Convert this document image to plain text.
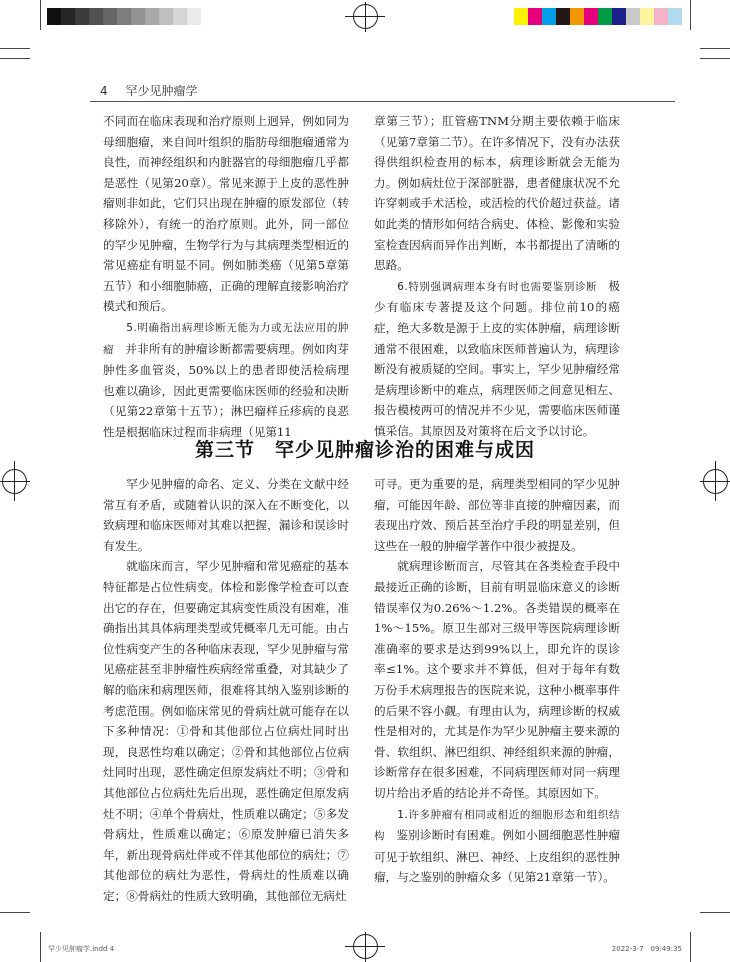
4 罕少见肿瘤学

不同而在临床表现和治疗原则上迥异，例如同为母细胞瘤，来自间叶组织的脂肪母细胞瘤通常为良性，而神经组织和内脏器官的母细胞瘤几乎都是恶性（见第20章）。常见来源于上皮的恶性肿瘤则非如此，它们只出现在肿瘤的原发部位（转移除外），有统一的治疗原则。此外，同一部位的罕少见肿瘤，生物学行为与其病理类型相近的常见癌症有明显不同。例如肺类癌（见第5章第五节）和小细胞肺癌，正确的理解直接影响治疗模式和预后。

5.明确指出病理诊断无能为力或无法应用的肿瘤　并非所有的肿瘤诊断都需要病理。例如肉芽肿性多血管炎，50%以上的患者即使活检病理也难以确诊，因此更需要临床医师的经验和决断（见第22章第十五节）；淋巴瘤样丘疹病的良恶性是根据临床过程而非病理（见第11

章第三节）；肛管癌TNM分期主要依赖于临床（见第7章第二节）。在许多情况下，没有办法获得供组织检查用的标本，病理诊断就会无能为力。例如病灶位于深部脏器，患者健康状况不允许穿刺或手术活检，或活检的代价超过获益。诸如此类的情形如何结合病史、体检、影像和实验室检查因病而异作出判断，本书都提出了清晰的思路。

6.特别强调病理本身有时也需要鉴别诊断　极少有临床专著提及这个问题。排位前10的癌症，绝大多数是源于上皮的实体肿瘤，病理诊断通常不很困难，以致临床医师普遍认为，病理诊断没有被质疑的空间。事实上，罕少见肿瘤经常是病理诊断中的难点，病理医师之间意见相左、报告模棱两可的情况并不少见，需要临床医师谨慎采信。其原因及对策将在后文予以讨论。

第三节　罕少见肿瘤诊治的困难与成因

罕少见肿瘤的命名、定义、分类在文献中经常互有矛盾，或随着认识的深入在不断变化，以致病理和临床医师对其难以把握，漏诊和误诊时有发生。

就临床而言，罕少见肿瘤和常见癌症的基本特征都是占位性病变。体检和影像学检查可以查出它的存在，但要确定其病变性质没有困难，准确指出其具体病理类型或凭概率几无可能。由占位性病变产生的各种临床表现，罕少见肿瘤与常见癌症甚至非肿瘤性疾病经常重叠，对其缺少了解的临床和病理医师，很难将其纳入鉴别诊断的考虑范围。例如临床常见的骨病灶就可能存在以下多种情况：①骨和其他部位占位病灶同时出现，良恶性均难以确定；②骨和其他部位占位病灶同时出现，恶性确定但原发病灶不明；③骨和其他部位占位病灶先后出现，恶性确定但原发病灶不明；④单个骨病灶，性质难以确定；⑤多发骨病灶，性质难以确定；⑥原发肿瘤已消失多年，新出现骨病灶伴或不伴其他部位的病灶；⑦其他部位的病灶为恶性，骨病灶的性质难以确定；⑧骨病灶的性质大致明确，其他部位无病灶

可寻。更为重要的是，病理类型相同的罕少见肿瘤，可能因年龄、部位等非直接的肿瘤因素，而表现出疗效、预后甚至治疗手段的明显差别，但这些在一般的肿瘤学著作中很少被提及。

就病理诊断而言，尽管其在各类检查手段中最接近正确的诊断，目前有明显临床意义的诊断错误率仅为0.26%～1.2%。各类错误的概率在1%～15%。原卫生部对三级甲等医院病理诊断准确率的要求是达到99%以上，即允许的误诊率≤1%。这个要求并不算低，但对于每年有数万份手术病理报告的医院来说，这种小概率事件的后果不容小觑。有理由认为，病理诊断的权威性是相对的，尤其是作为罕少见肿瘤主要来源的骨、软组织、淋巴组织、神经组织来源的肿瘤，诊断常存在很多困难，不同病理医师对同一病理切片给出矛盾的结论并不奇怪。其原因如下。

1.许多肿瘤有相同或相近的细胞形态和组织结构　鉴别诊断时有困难。例如小圆细胞恶性肿瘤可见于软组织、淋巴、神经、上皮组织的恶性肿瘤，与之鉴别的肿瘤众多（见第21章第一节）。

罕少见肿瘤学.indd 4	2022-3-7　09:49:35
